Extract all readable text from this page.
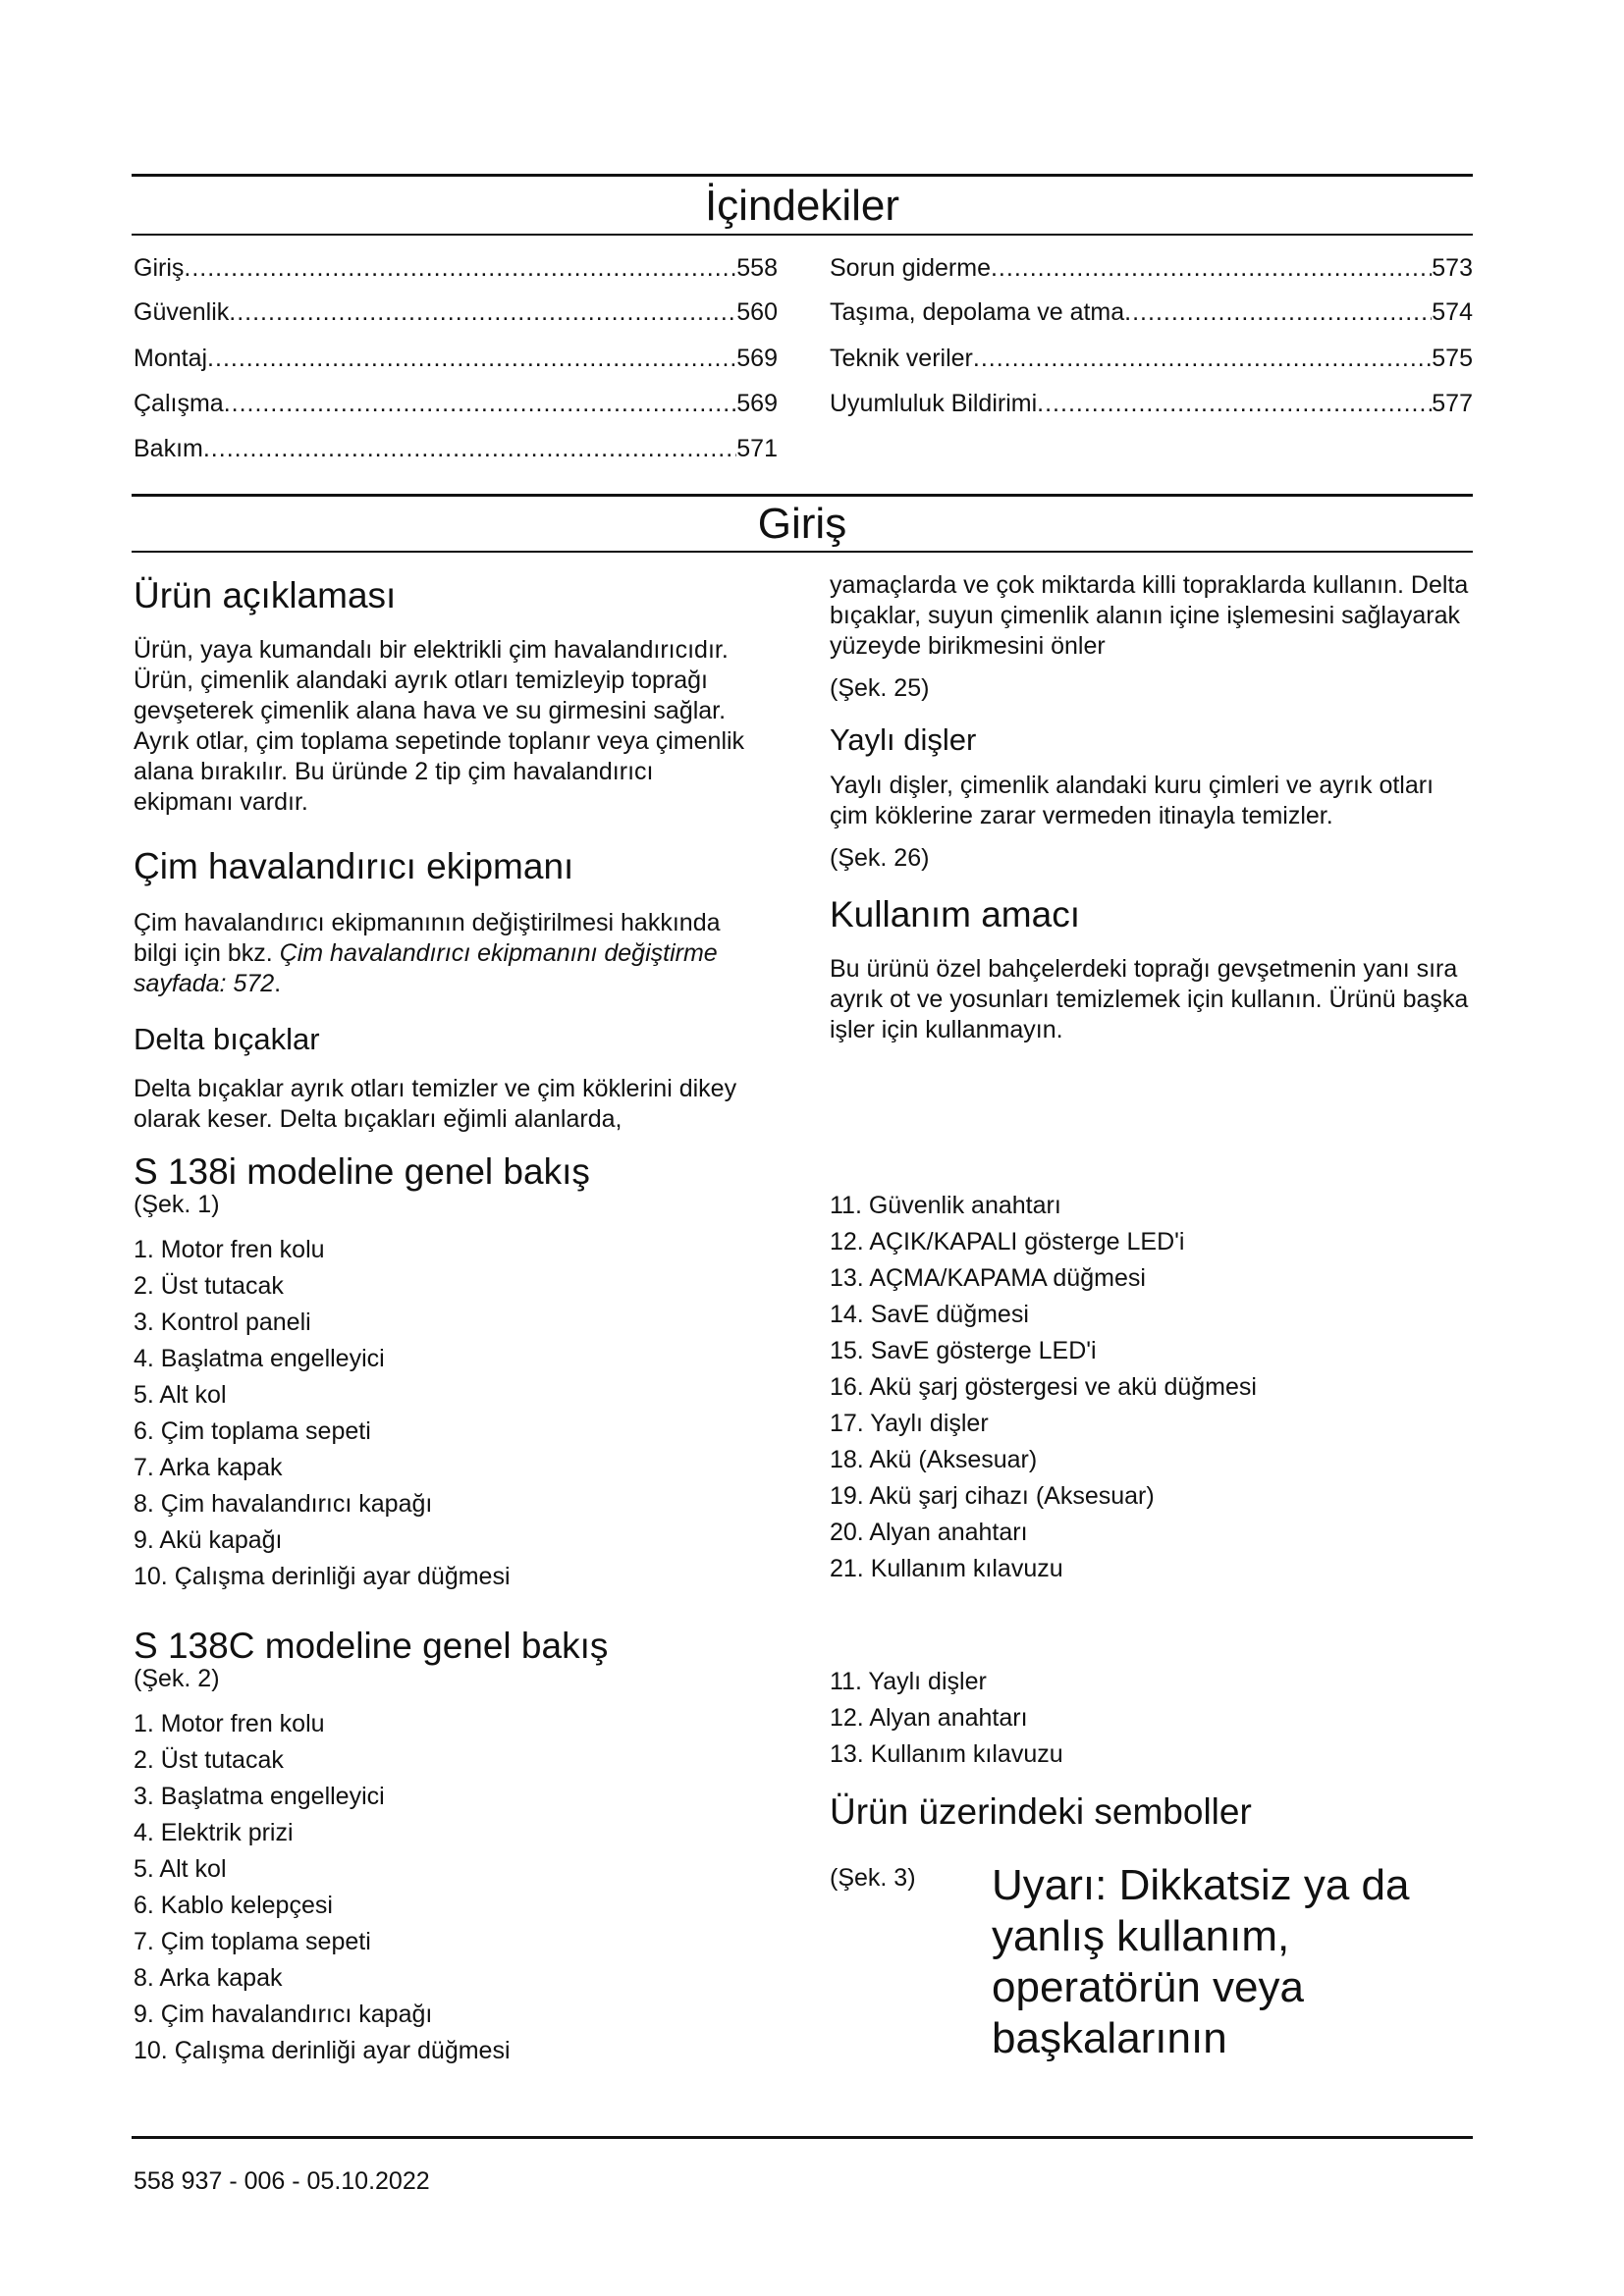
İçindekiler
Giriş .....	558
Güvenlik .....	560
Montaj .....	569
Çalışma .....	569
Bakım .....	571
Sorun giderme .....	573
Taşıma, depolama ve atma .....	574
Teknik veriler .....	575
Uyumluluk Bildirimi .....	577
Giriş
Ürün açıklaması

Ürün, yaya kumandalı bir elektrikli çim havalandırıcıdır. Ürün, çimenlik alandaki ayrık otları temizleyip toprağı gevşeterek çimenlik alana hava ve su girmesini sağlar. Ayrık otlar, çim toplama sepetinde toplanır veya çimenlik alana bırakılır. Bu üründe 2 tip çim havalandırıcı ekipmanı vardır.

Çim havalandırıcı ekipmanı

Çim havalandırıcı ekipmanının değiştirilmesi hakkında bilgi için bkz. Çim havalandırıcı ekipmanını değiştirme sayfada: 572.

Delta bıçaklar

Delta bıçaklar ayrık otları temizler ve çim köklerini dikey olarak keser. Delta bıçakları eğimli alanlarda,

yamaçlarda ve çok miktarda killi topraklarda kullanın. Delta bıçaklar, suyun çimenlik alanın içine işlemesini sağlayarak yüzeyde birikmesini önler

(Şek. 25)

Yaylı dişler

Yaylı dişler, çimenlik alandaki kuru çimleri ve ayrık otları çim köklerine zarar vermeden itinayla temizler.

(Şek. 26)

Kullanım amacı

Bu ürünü özel bahçelerdeki toprağı gevşetmenin yanı sıra ayrık ot ve yosunları temizlemek için kullanın. Ürünü başka işler için kullanmayın.

S 138i modeline genel bakış

(Şek. 1)

1. Motor fren kolu
2. Üst tutacak
3. Kontrol paneli
4. Başlatma engelleyici
5. Alt kol
6. Çim toplama sepeti
7. Arka kapak
8. Çim havalandırıcı kapağı
9. Akü kapağı
10. Çalışma derinliği ayar düğmesi
11. Güvenlik anahtarı
12. AÇIK/KAPALI gösterge LED'i
13. AÇMA/KAPAMA düğmesi
14. SavE düğmesi
15. SavE gösterge LED'i
16. Akü şarj göstergesi ve akü düğmesi
17. Yaylı dişler
18. Akü (Aksesuar)
19. Akü şarj cihazı (Aksesuar)
20. Alyan anahtarı
21. Kullanım kılavuzu
S 138C modeline genel bakış

(Şek. 2)

1. Motor fren kolu
2. Üst tutacak
3. Başlatma engelleyici
4. Elektrik prizi
5. Alt kol
6. Kablo kelepçesi
7. Çim toplama sepeti
8. Arka kapak
9. Çim havalandırıcı kapağı
10. Çalışma derinliği ayar düğmesi
11. Yaylı dişler
12. Alyan anahtarı
13. Kullanım kılavuzu
Ürün üzerindeki semboller

(Şek. 3)	Uyarı: Dikkatsiz ya da yanlış kullanım, operatörün veya başkalarının
558 937 - 006 - 05.10.2022
